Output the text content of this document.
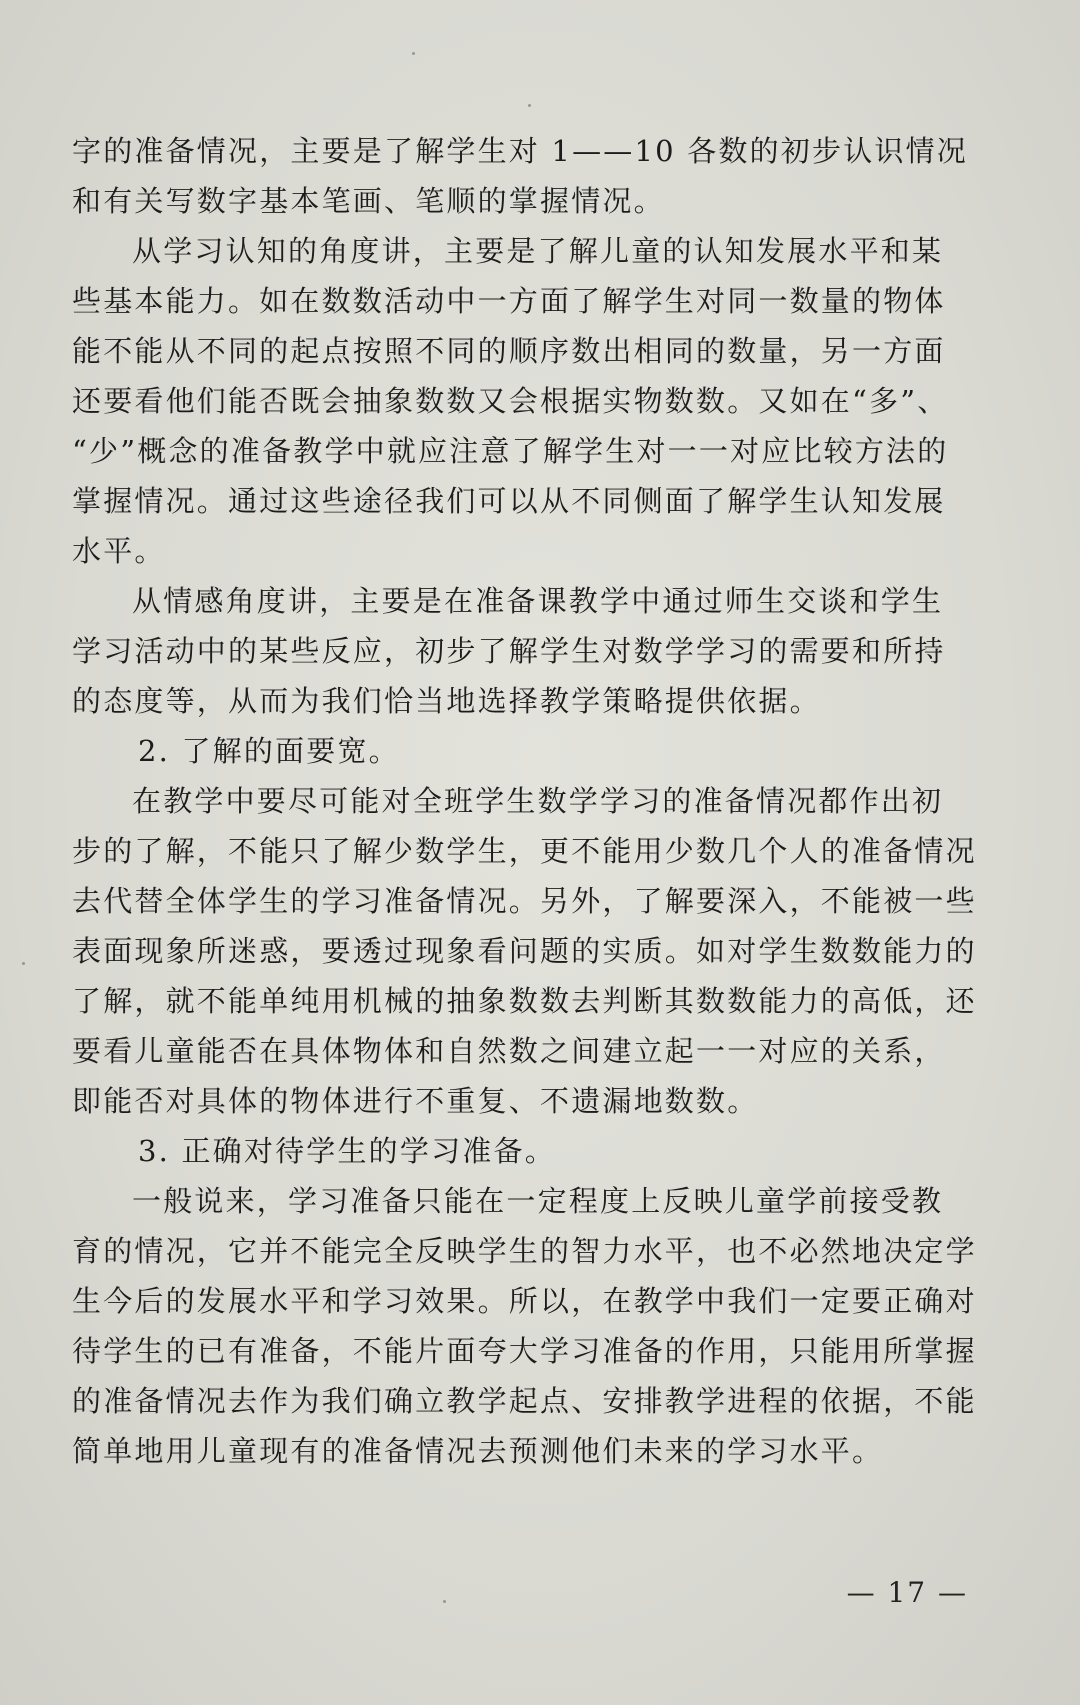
字的准备情况，主要是了解学生对 1——10 各数的初步认识情况
和有关写数字基本笔画、笔顺的掌握情况。
从学习认知的角度讲，主要是了解儿童的认知发展水平和某
些基本能力。如在数数活动中一方面了解学生对同一数量的物体
能不能从不同的起点按照不同的顺序数出相同的数量，另一方面
还要看他们能否既会抽象数数又会根据实物数数。又如在“多”、
“少”概念的准备教学中就应注意了解学生对一一对应比较方法的
掌握情况。通过这些途径我们可以从不同侧面了解学生认知发展
水平。
从情感角度讲，主要是在准备课教学中通过师生交谈和学生
学习活动中的某些反应，初步了解学生对数学学习的需要和所持
的态度等，从而为我们恰当地选择教学策略提供依据。
2. 了解的面要宽。
在教学中要尽可能对全班学生数学学习的准备情况都作出初
步的了解，不能只了解少数学生，更不能用少数几个人的准备情况
去代替全体学生的学习准备情况。另外，了解要深入，不能被一些
表面现象所迷惑，要透过现象看问题的实质。如对学生数数能力的
了解，就不能单纯用机械的抽象数数去判断其数数能力的高低，还
要看儿童能否在具体物体和自然数之间建立起一一对应的关系，
即能否对具体的物体进行不重复、不遗漏地数数。
3. 正确对待学生的学习准备。
一般说来，学习准备只能在一定程度上反映儿童学前接受教
育的情况，它并不能完全反映学生的智力水平，也不必然地决定学
生今后的发展水平和学习效果。所以，在教学中我们一定要正确对
待学生的已有准备，不能片面夸大学习准备的作用，只能用所掌握
的准备情况去作为我们确立教学起点、安排教学进程的依据，不能
简单地用儿童现有的准备情况去预测他们未来的学习水平。
— 17 —
